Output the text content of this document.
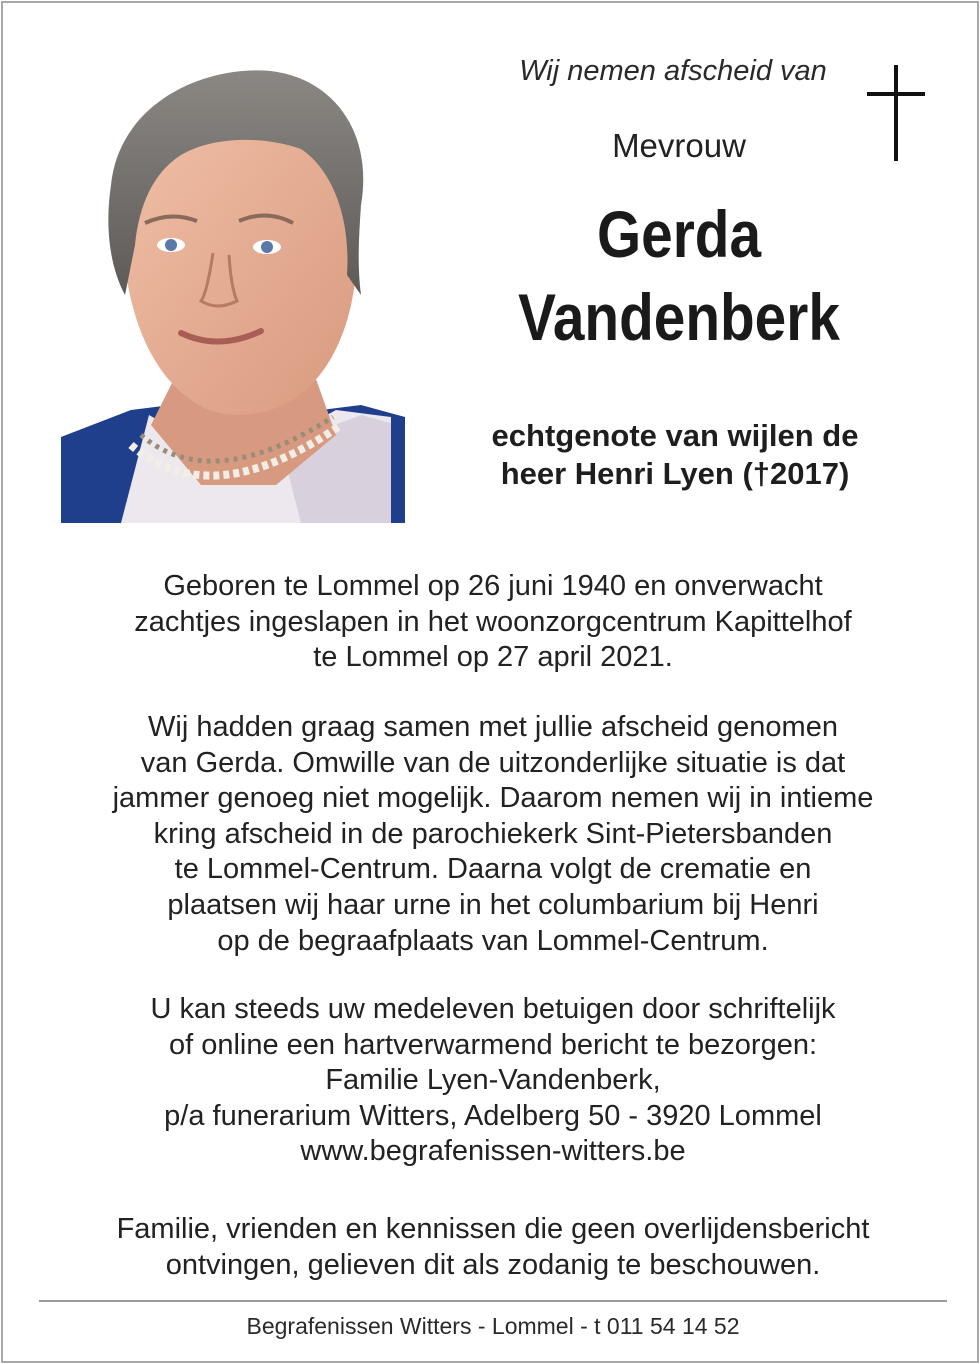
Wij nemen afscheid van
Mevrouw
Gerda
Vandenberk
echtgenote van wijlen de
heer Henri Lyen (†2017)
Geboren te Lommel op 26 juni 1940 en onverwacht
zachtjes ingeslapen in het woonzorgcentrum Kapittelhof
te Lommel op 27 april 2021.
Wij hadden graag samen met jullie afscheid genomen
van Gerda. Omwille van de uitzonderlijke situatie is dat
jammer genoeg niet mogelijk. Daarom nemen wij in intieme
kring afscheid in de parochiekerk Sint-Pietersbanden
te Lommel-Centrum. Daarna volgt de crematie en
plaatsen wij haar urne in het columbarium bij Henri
op de begraafplaats van Lommel-Centrum.
U kan steeds uw medeleven betuigen door schriftelijk
of online een hartverwarmend bericht te bezorgen:
Familie Lyen-Vandenberk,
p/a funerarium Witters, Adelberg 50 - 3920 Lommel
www.begrafenissen-witters.be
Familie, vrienden en kennissen die geen overlijdensbericht
ontvingen, gelieven dit als zodanig te beschouwen.
Begrafenissen Witters - Lommel - t 011 54 14 52
